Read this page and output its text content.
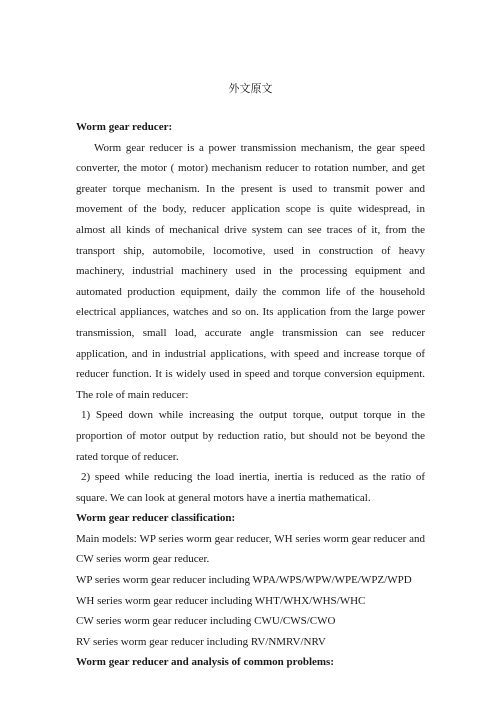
外文原文

Worm gear reducer:

Worm gear reducer is a power transmission mechanism, the gear speed converter, the motor ( motor) mechanism reducer to rotation number, and get greater torque mechanism. In the present is used to transmit power and movement of the body, reducer application scope is quite widespread, in almost all kinds of mechanical drive system can see traces of it, from the transport ship, automobile, locomotive, used in construction of heavy machinery, industrial machinery used in the processing equipment and automated production equipment, daily the common life of the household electrical appliances, watches and so on. Its application from the large power transmission, small load, accurate angle transmission can see reducer application, and in industrial applications, with speed and increase torque of reducer function. It is widely used in speed and torque conversion equipment. The role of main reducer:

1) Speed down while increasing the output torque, output torque in the proportion of motor output by reduction ratio, but should not be beyond the rated torque of reducer.

2) speed while reducing the load inertia, inertia is reduced as the ratio of square. We can look at general motors have a inertia mathematical.

Worm gear reducer classification:

Main models: WP series worm gear reducer, WH series worm gear reducer and CW series worm gear reducer.

WP series worm gear reducer including WPA/WPS/WPW/WPE/WPZ/WPD

WH series worm gear reducer including WHT/WHX/WHS/WHC

CW series worm gear reducer including CWU/CWS/CWO

RV series worm gear reducer including RV/NMRV/NRV

Worm gear reducer and analysis of common problems:
